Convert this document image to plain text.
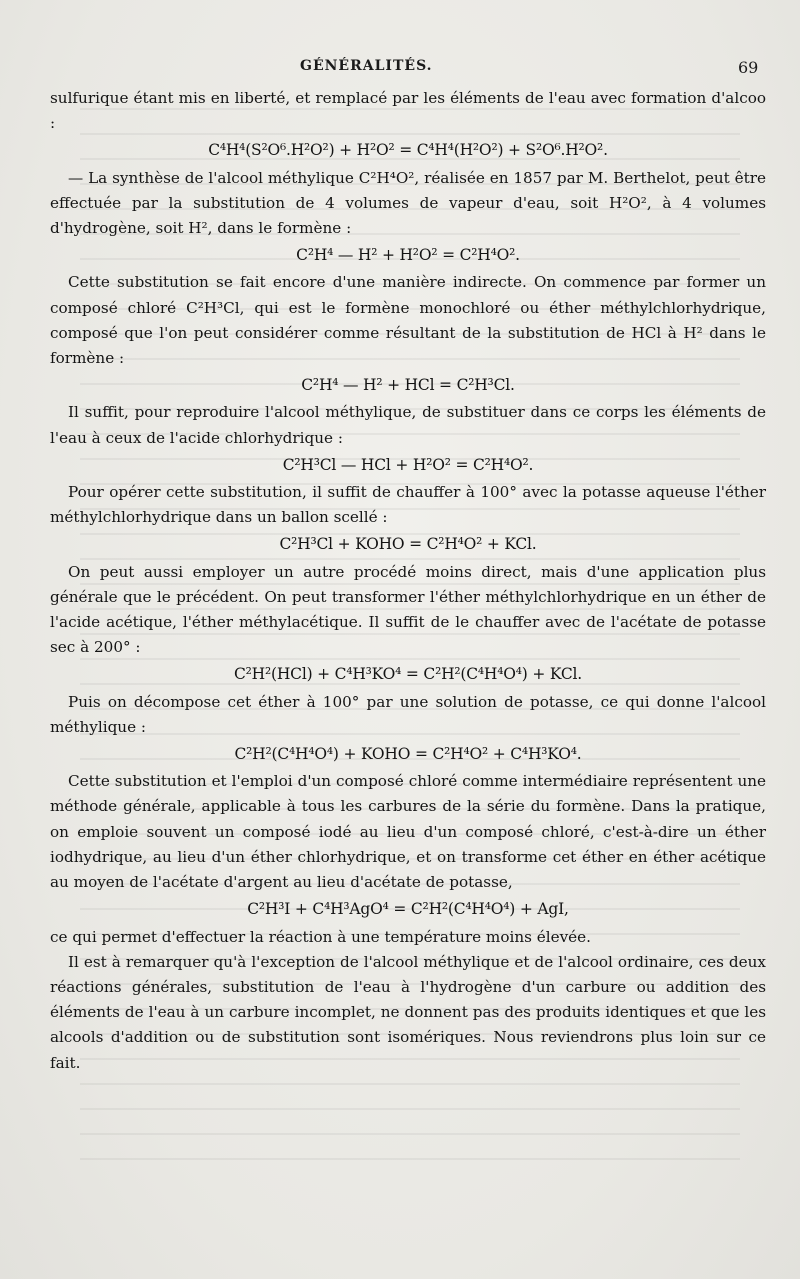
GÉNÉRALITÉS.	69

sulfurique étant mis en liberté, et remplacé par les éléments de l'eau avec formation d'alcoo :

C⁴H⁴(S²O⁶.H²O²) + H²O² = C⁴H⁴(H²O²) + S²O⁶.H²O².

— La synthèse de l'alcool méthylique C²H⁴O², réalisée en 1857 par M. Berthelot, peut être effectuée par la substitution de 4 volumes de vapeur d'eau, soit H²O², à 4 volumes d'hydrogène, soit H², dans le formène :

C²H⁴ — H² + H²O² = C²H⁴O².

Cette substitution se fait encore d'une manière indirecte. On commence par former un composé chloré C²H³Cl, qui est le formène monochloré ou éther méthylchlorhydrique, composé que l'on peut considérer comme résultant de la substitution de HCl à H² dans le formène :

C²H⁴ — H² + HCl = C²H³Cl.

Il suffit, pour reproduire l'alcool méthylique, de substituer dans ce corps les éléments de l'eau à ceux de l'acide chlorhydrique :

C²H³Cl — HCl + H²O² = C²H⁴O².

Pour opérer cette substitution, il suffit de chauffer à 100° avec la potasse aqueuse l'éther méthylchlorhydrique dans un ballon scellé :

C²H³Cl + KOHO = C²H⁴O² + KCl.

On peut aussi employer un autre procédé moins direct, mais d'une application plus générale que le précédent. On peut transformer l'éther méthylchlorhydrique en un éther de l'acide acétique, l'éther méthylacétique. Il suffit de le chauffer avec de l'acétate de potasse sec à 200° :

C²H²(HCl) + C⁴H³KO⁴ = C²H²(C⁴H⁴O⁴) + KCl.

Puis on décompose cet éther à 100° par une solution de potasse, ce qui donne l'alcool méthylique :

C²H²(C⁴H⁴O⁴) + KOHO = C²H⁴O² + C⁴H³KO⁴.

Cette substitution et l'emploi d'un composé chloré comme intermédiaire représentent une méthode générale, applicable à tous les carbures de la série du formène. Dans la pratique, on emploie souvent un composé iodé au lieu d'un composé chloré, c'est-à-dire un éther iodhydrique, au lieu d'un éther chlorhydrique, et on transforme cet éther en éther acétique au moyen de l'acétate d'argent au lieu d'acétate de potasse,

C²H³I + C⁴H³AgO⁴ = C²H²(C⁴H⁴O⁴) + AgI,

ce qui permet d'effectuer la réaction à une température moins élevée.

Il est à remarquer qu'à l'exception de l'alcool méthylique et de l'alcool ordinaire, ces deux réactions générales, substitution de l'eau à l'hydrogène d'un carbure ou addition des éléments de l'eau à un carbure incomplet, ne donnent pas des produits identiques et que les alcools d'addition ou de substitution sont isomériques. Nous reviendrons plus loin sur ce fait.
